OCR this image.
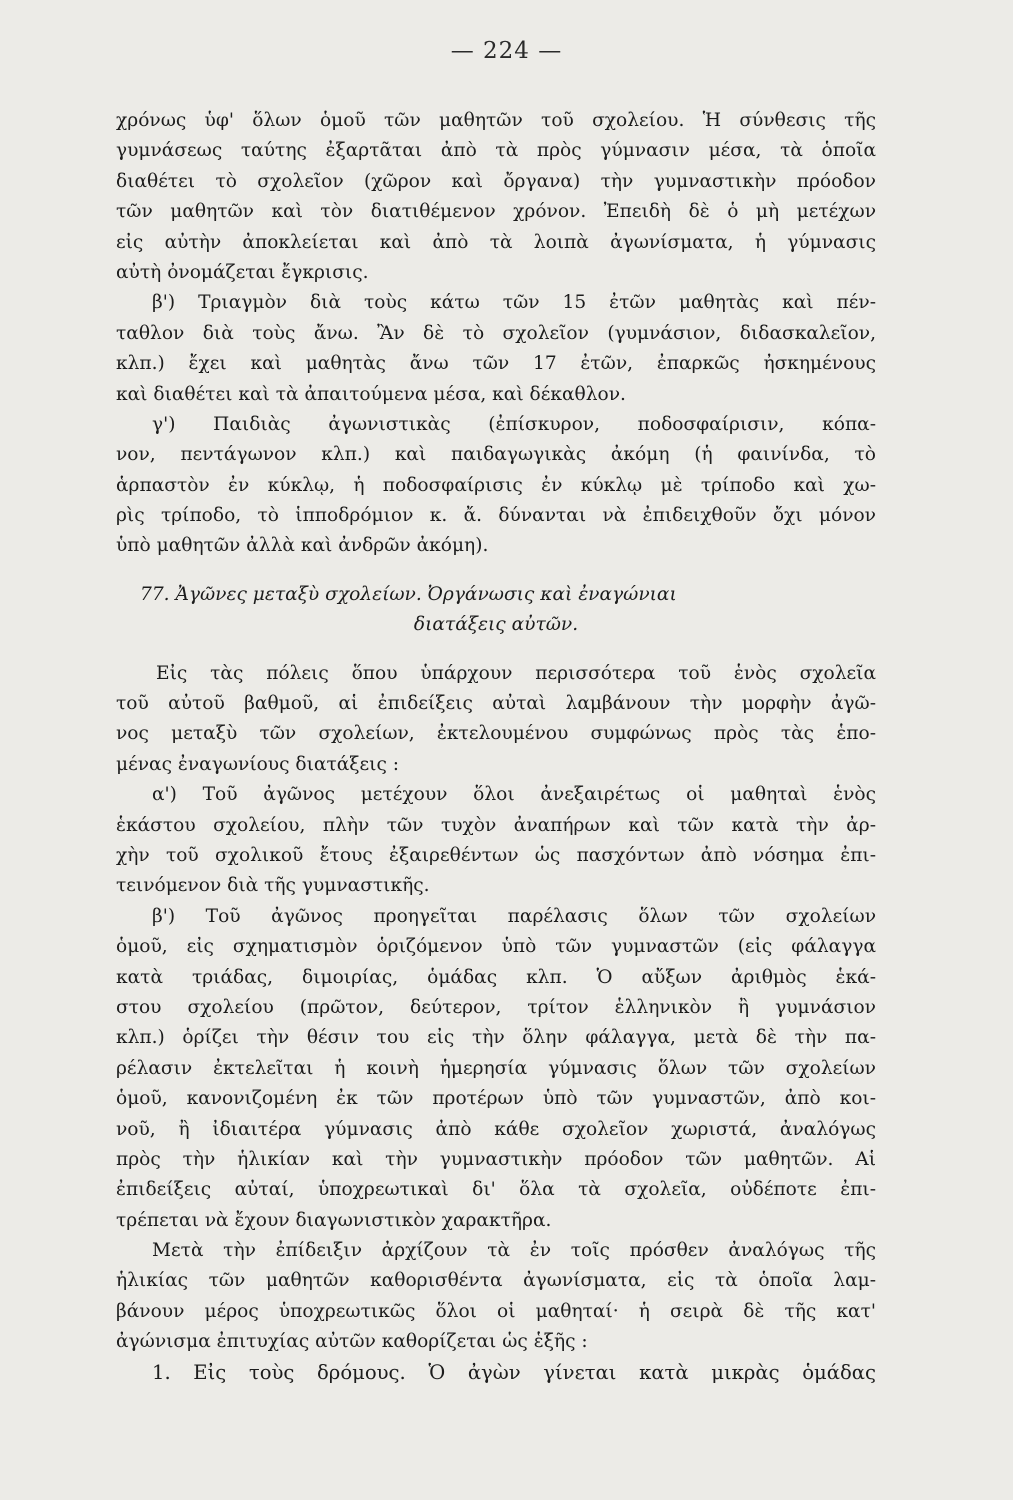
— 224 —
χρόνως ὑφ' ὅλων ὁμοῦ τῶν μαθητῶν τοῦ σχολείου. Ἡ σύνθεσις τῆς
γυμνάσεως ταύτης ἐξαρτᾶται ἀπὸ τὰ πρὸς γύμνασιν μέσα, τὰ ὁποῖα
διαθέτει τὸ σχολεῖον (χῶρον καὶ ὄργανα) τὴν γυμναστικὴν πρόοδον
τῶν μαθητῶν καὶ τὸν διατιθέμενον χρόνον. Ἐπειδὴ δὲ ὁ μὴ μετέχων
εἰς αὐτὴν ἀποκλείεται καὶ ἀπὸ τὰ λοιπὰ ἀγωνίσματα, ἡ γύμνασις
αὐτὴ ὀνομάζεται ἔγκρισις.
β') Τριαγμὸν διὰ τοὺς κάτω τῶν 15 ἐτῶν μαθητὰς καὶ πέν-
ταθλον διὰ τοὺς ἄνω. Ἂν δὲ τὸ σχολεῖον (γυμνάσιον, διδασκαλεῖον,
κλπ.) ἔχει καὶ μαθητὰς ἄνω τῶν 17 ἐτῶν, ἐπαρκῶς ἠσκημένους
καὶ διαθέτει καὶ τὰ ἀπαιτούμενα μέσα, καὶ δέκαθλον.
γ') Παιδιὰς ἀγωνιστικὰς (ἐπίσκυρον, ποδοσφαίρισιν, κόπα-
νον, πεντάγωνον κλπ.) καὶ παιδαγωγικὰς ἀκόμη (ἡ φαινίνδα, τὸ
ἁρπαστὸν ἐν κύκλῳ, ἡ ποδοσφαίρισις ἐν κύκλῳ μὲ τρίποδο καὶ χω-
ρὶς τρίποδο, τὸ ἱπποδρόμιον κ. ἄ. δύνανται νὰ ἐπιδειχθοῦν ὄχι μόνον
ὑπὸ μαθητῶν ἀλλὰ καὶ ἀνδρῶν ἀκόμη).
77. Ἀγῶνες μεταξὺ σχολείων. Ὀργάνωσις καὶ ἐναγώνιαι
διατάξεις αὐτῶν.
Εἰς τὰς πόλεις ὅπου ὑπάρχουν περισσότερα τοῦ ἑνὸς σχολεῖα
τοῦ αὐτοῦ βαθμοῦ, αἱ ἐπιδείξεις αὐταὶ λαμβάνουν τὴν μορφὴν ἀγῶ-
νος μεταξὺ τῶν σχολείων, ἐκτελουμένου συμφώνως πρὸς τὰς ἑπο-
μένας ἐναγωνίους διατάξεις :
α') Τοῦ ἀγῶνος μετέχουν ὅλοι ἀνεξαιρέτως οἱ μαθηταὶ ἑνὸς
ἑκάστου σχολείου, πλὴν τῶν τυχὸν ἀναπήρων καὶ τῶν κατὰ τὴν ἀρ-
χὴν τοῦ σχολικοῦ ἔτους ἐξαιρεθέντων ὡς πασχόντων ἀπὸ νόσημα ἐπι-
τεινόμενον διὰ τῆς γυμναστικῆς.
β') Τοῦ ἀγῶνος προηγεῖται παρέλασις ὅλων τῶν σχολείων
ὁμοῦ, εἰς σχηματισμὸν ὁριζόμενον ὑπὸ τῶν γυμναστῶν (εἰς φάλαγγα
κατὰ τριάδας, διμοιρίας, ὁμάδας κλπ. Ὁ αὔξων ἀριθμὸς ἑκά-
στου σχολείου (πρῶτον, δεύτερον, τρίτον ἑλληνικὸν ἢ γυμνάσιον
κλπ.) ὁρίζει τὴν θέσιν του εἰς τὴν ὅλην φάλαγγα, μετὰ δὲ τὴν πα-
ρέλασιν ἐκτελεῖται ἡ κοινὴ ἡμερησία γύμνασις ὅλων τῶν σχολείων
ὁμοῦ, κανονιζομένη ἐκ τῶν προτέρων ὑπὸ τῶν γυμναστῶν, ἀπὸ κοι-
νοῦ, ἢ ἰδιαιτέρα γύμνασις ἀπὸ κάθε σχολεῖον χωριστά, ἀναλόγως
πρὸς τὴν ἡλικίαν καὶ τὴν γυμναστικὴν πρόοδον τῶν μαθητῶν. Αἱ
ἐπιδείξεις αὐταί, ὑποχρεωτικαὶ δι' ὅλα τὰ σχολεῖα, οὐδέποτε ἐπι-
τρέπεται νὰ ἔχουν διαγωνιστικὸν χαρακτῆρα.
Μετὰ τὴν ἐπίδειξιν ἀρχίζουν τὰ ἐν τοῖς πρόσθεν ἀναλόγως τῆς
ἡλικίας τῶν μαθητῶν καθορισθέντα ἀγωνίσματα, εἰς τὰ ὁποῖα λαμ-
βάνουν μέρος ὑποχρεωτικῶς ὅλοι οἱ μαθηταί· ἡ σειρὰ δὲ τῆς κατ'
ἀγώνισμα ἐπιτυχίας αὐτῶν καθορίζεται ὡς ἑξῆς :
1. Εἰς τοὺς δρόμους. Ὁ ἀγὼν γίνεται κατὰ μικρὰς ὁμάδας
